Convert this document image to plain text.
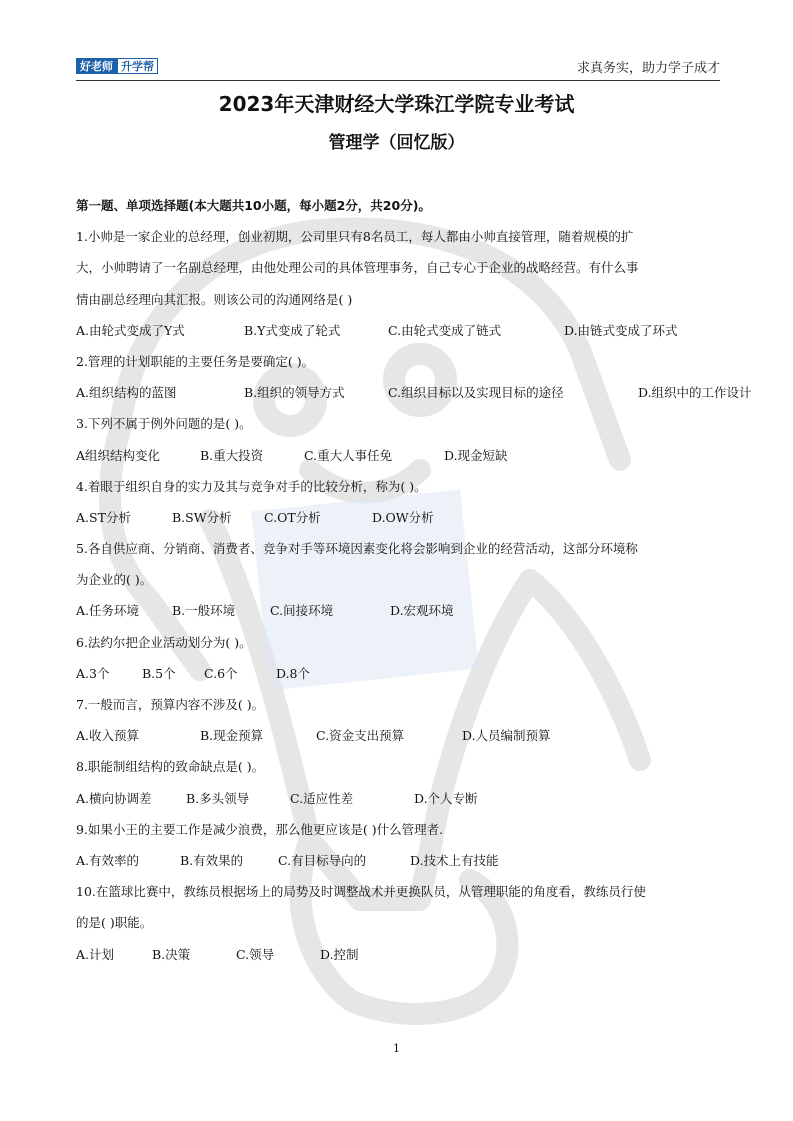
好老师 升学帮	求真务实，助力学子成才
2023年天津财经大学珠江学院专业考试
管理学（回忆版）
第一题、单项选择题(本大题共10小题，每小题2分，共20分)。
1.小帅是一家企业的总经理，创业初期，公司里只有8名员工，每人都由小帅直接管理，随着规模的扩
大，小帅聘请了一名副总经理，由他处理公司的具体管理事务，自己专心于企业的战略经营。有什么事
情由副总经理向其汇报。则该公司的沟通网络是( )
A.由轮式变成了Y式	B.Y式变成了轮式	C.由轮式变成了链式	D.由链式变成了环式
2.管理的计划职能的主要任务是要确定( )。
A.组织结构的蓝图	B.组织的领导方式	C.组织目标以及实现目标的途径	D.组织中的工作设计
3.下列不属于例外问题的是( )。
A组织结构变化	B.重大投资	C.重大人事任免	D.现金短缺
4.着眼于组织自身的实力及其与竞争对手的比较分析，称为( )。
A.ST分析	B.SW分析	C.OT分析	D.OW分析
5.各自供应商、分销商、消费者、竞争对手等环境因素变化将会影响到企业的经营活动，这部分环境称
为企业的( )。
A.任务环境	B.一般环境	C.间接环境	D.宏观环境
6.法约尔把企业活动划分为( )。
A.3个	B.5个	C.6个	D.8个
7.一般而言，预算内容不涉及( )。
A.收入预算	B.现金预算	C.资金支出预算	D.人员编制预算
8.职能制组结构的致命缺点是( )。
A.横向协调差	B.多头领导	C.适应性差	D.个人专断
9.如果小王的主要工作是减少浪费，那么他更应该是( )什么管理者.
A.有效率的	B.有效果的	C.有目标导向的	D.技术上有技能
10.在篮球比赛中，教练员根据场上的局势及时调整战术并更换队员，从管理职能的角度看，教练员行使
的是( )职能。
A.计划	B.决策	C.领导	D.控制
1
